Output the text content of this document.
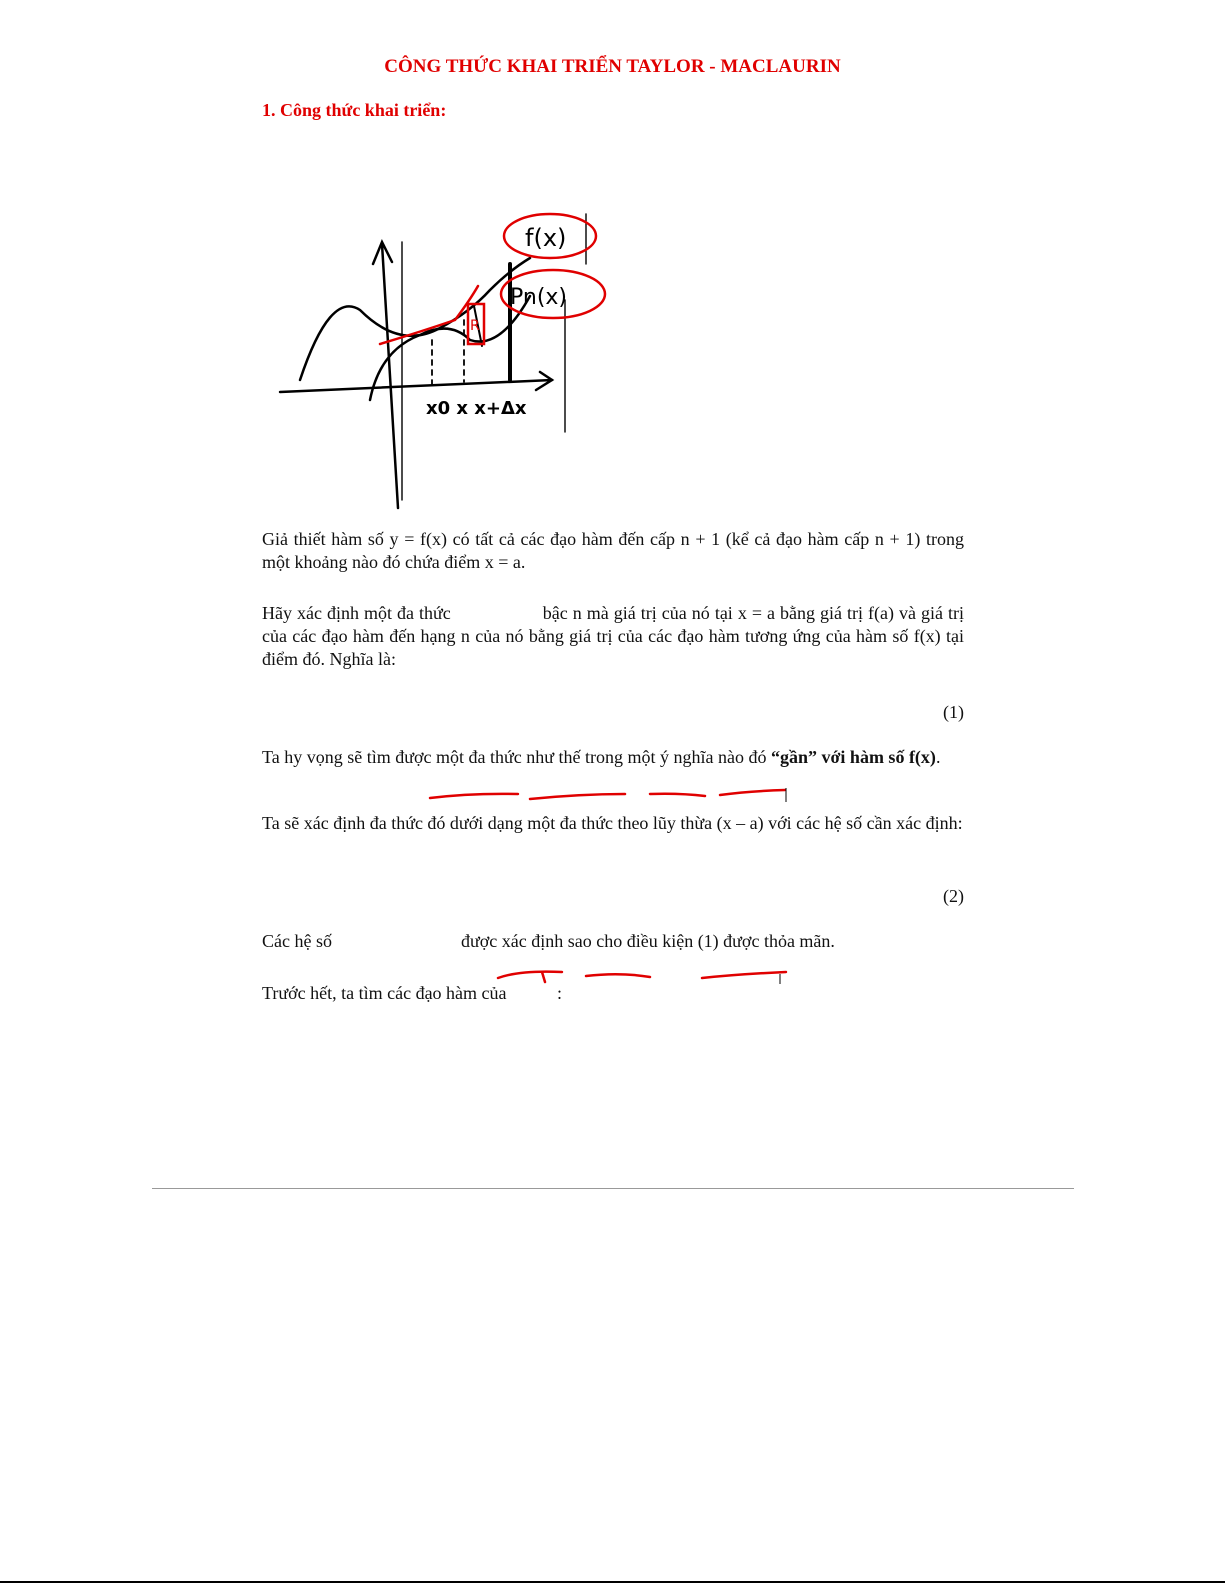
CÔNG THỨC KHAI TRIỂN TAYLOR - MACLAURIN
1. Công thức khai triển:
f(x)
Pn(x)
R
x0 x x+Δx

Giả thiết hàm số y = f(x) có tất cả các đạo hàm đến cấp n + 1 (kể cả đạo hàm cấp n + 1) trong một khoảng nào đó chứa điểm x = a.

Hãy xác định một đa thức	bậc n mà giá trị của nó tại x = a bằng giá trị f(a) và giá trị của các đạo hàm đến hạng n của nó bằng giá trị của các đạo hàm tương ứng của hàm số f(x) tại điểm đó. Nghĩa là:

(1)

Ta hy vọng sẽ tìm được một đa thức như thế trong một ý nghĩa nào đó “gần” với hàm số f(x).

Ta sẽ xác định đa thức đó dưới dạng một đa thức theo lũy thừa (x – a) với các hệ số cần xác định:

(2)

Các hệ số	được xác định sao cho điều kiện (1) được thỏa mãn.

Trước hết, ta tìm các đạo hàm của	:
